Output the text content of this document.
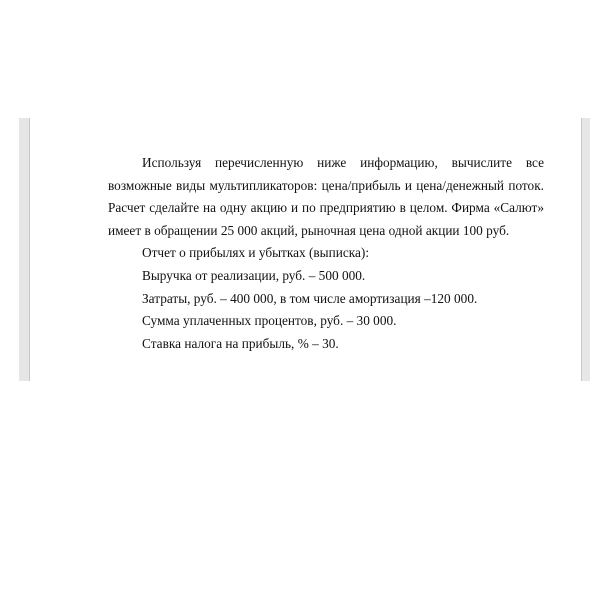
Используя перечисленную ниже информацию, вычислите все возможные виды мультипликаторов: цена/прибыль и цена/денежный поток. Расчет сделайте на одну акцию и по предприятию в целом. Фирма «Салют» имеет в обращении 25 000 акций, рыночная цена одной акции 100 руб.

Отчет о прибылях и убытках (выписка):

Выручка от реализации, руб. – 500 000.

Затраты, руб. – 400 000, в том числе амортизация –120 000.

Сумма уплаченных процентов, руб. – 30 000.

Ставка налога на прибыль, % – 30.
